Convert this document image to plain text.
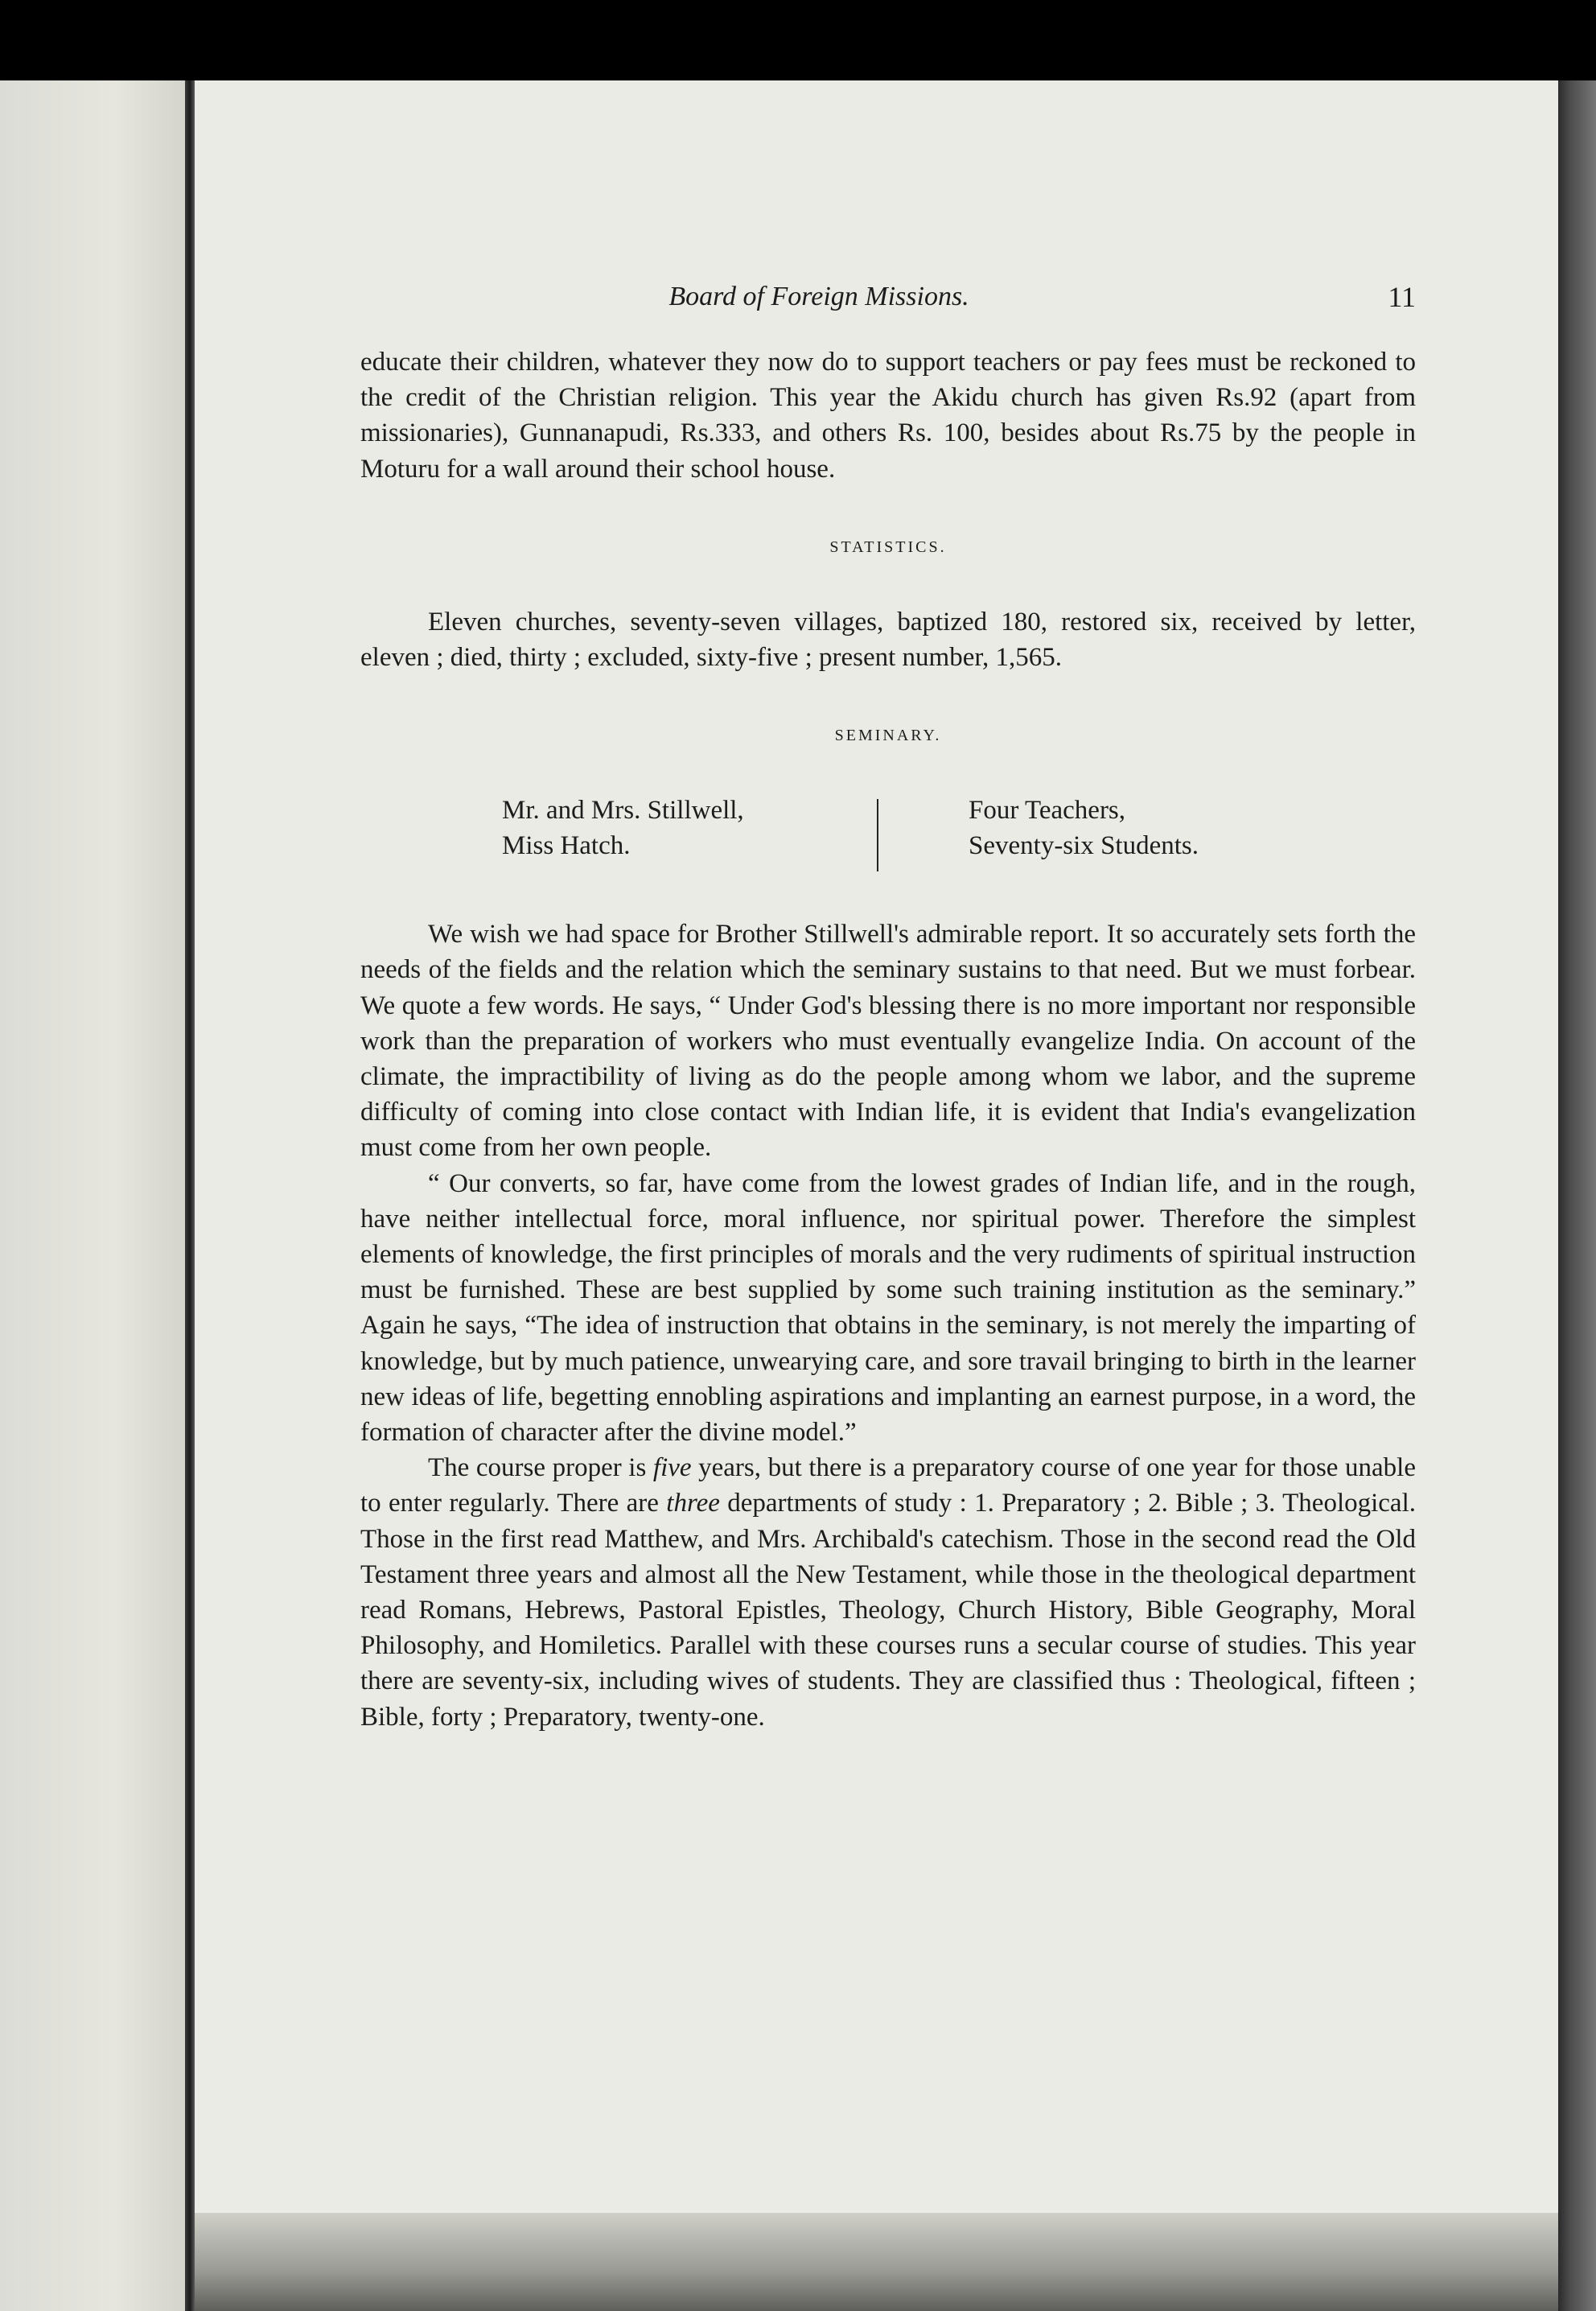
Board of Foreign Missions.	11

educate their children, whatever they now do to support teachers or pay fees must be reckoned to the credit of the Christian religion. This year the Akidu church has given Rs.92 (apart from missionaries), Gunnanapudi, Rs.333, and others Rs. 100, besides about Rs.75 by the people in Moturu for a wall around their school house.

STATISTICS.

Eleven churches, seventy-seven villages, baptized 180, restored six, received by letter, eleven ; died, thirty ; excluded, sixty-five ; present number, 1,565.

SEMINARY.
Mr. and Mrs. Stillwell,
Miss Hatch.
Four Teachers,
Seventy-six Students.

We wish we had space for Brother Stillwell's admirable report. It so accurately sets forth the needs of the fields and the relation which the seminary sustains to that need. But we must forbear. We quote a few words. He says, “ Under God's blessing there is no more important nor responsible work than the preparation of workers who must eventually evangelize India. On account of the climate, the impractibility of living as do the people among whom we labor, and the supreme difficulty of coming into close contact with Indian life, it is evident that India's evangelization must come from her own people.

“ Our converts, so far, have come from the lowest grades of Indian life, and in the rough, have neither intellectual force, moral influence, nor spiritual power. Therefore the simplest elements of knowledge, the first principles of morals and the very rudiments of spiritual instruction must be furnished. These are best supplied by some such training institution as the seminary.” Again he says, “The idea of instruction that obtains in the seminary, is not merely the imparting of knowledge, but by much patience, unwearying care, and sore travail bringing to birth in the learner new ideas of life, begetting ennobling aspirations and implanting an earnest purpose, in a word, the formation of character after the divine model.”

The course proper is five years, but there is a preparatory course of one year for those unable to enter regularly. There are three departments of study : 1. Preparatory ; 2. Bible ; 3. Theological. Those in the first read Matthew, and Mrs. Archibald's catechism. Those in the second read the Old Testament three years and almost all the New Testament, while those in the theological department read Romans, Hebrews, Pastoral Epistles, Theology, Church History, Bible Geography, Moral Philosophy, and Homiletics. Parallel with these courses runs a secular course of studies. This year there are seventy-six, including wives of students. They are classified thus : Theological, fifteen ; Bible, forty ; Preparatory, twenty-one.
